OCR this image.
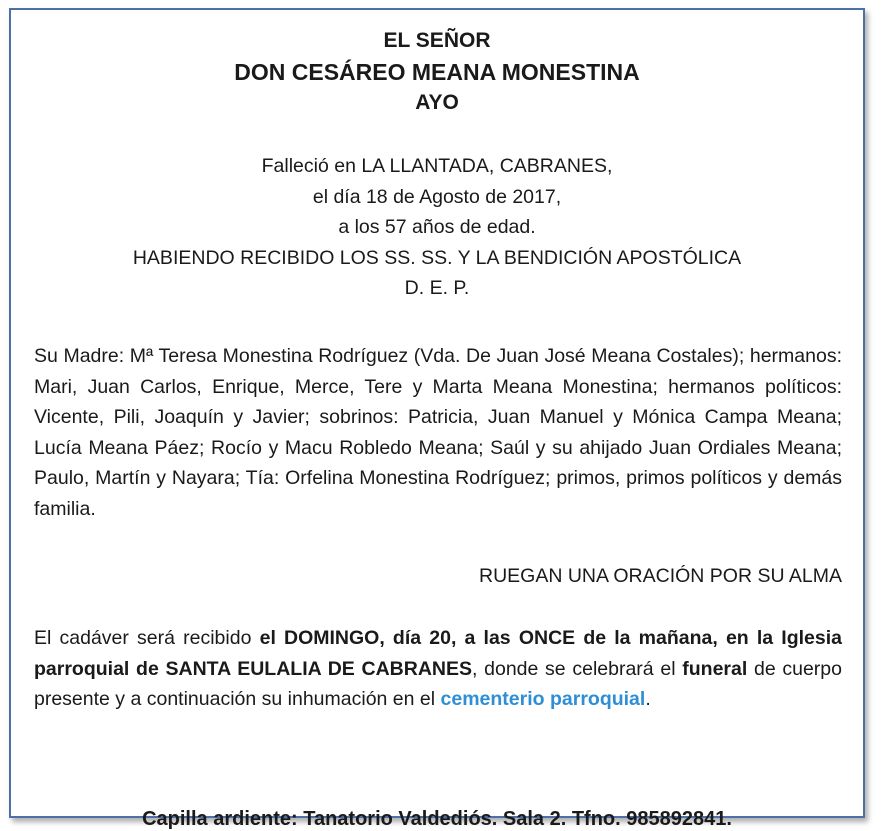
EL SEÑOR

DON CESÁREO MEANA MONESTINA

AYO

Falleció en LA LLANTADA, CABRANES,
el día 18 de Agosto de 2017,
a los 57 años de edad.
HABIENDO RECIBIDO LOS SS. SS. Y LA BENDICIÓN APOSTÓLICA
D. E. P.

Su Madre: Mª Teresa Monestina Rodríguez (Vda. De Juan José Meana Costales); hermanos: Mari, Juan Carlos, Enrique, Merce, Tere y Marta Meana Monestina; hermanos políticos: Vicente, Pili, Joaquín y Javier; sobrinos: Patricia, Juan Manuel y Mónica Campa Meana; Lucía Meana Páez; Rocío y Macu Robledo Meana; Saúl y su ahijado Juan Ordiales Meana; Paulo, Martín y Nayara; Tía: Orfelina Monestina Rodríguez; primos, primos políticos y demás familia.

RUEGAN UNA ORACIÓN POR SU ALMA

El cadáver será recibido el DOMINGO, día 20, a las ONCE de la mañana, en la Iglesia parroquial de SANTA EULALIA DE CABRANES, donde se celebrará el funeral de cuerpo presente y a continuación su inhumación en el cementerio parroquial.

Capilla ardiente: Tanatorio Valdediós. Sala 2. Tfno. 985892841.
